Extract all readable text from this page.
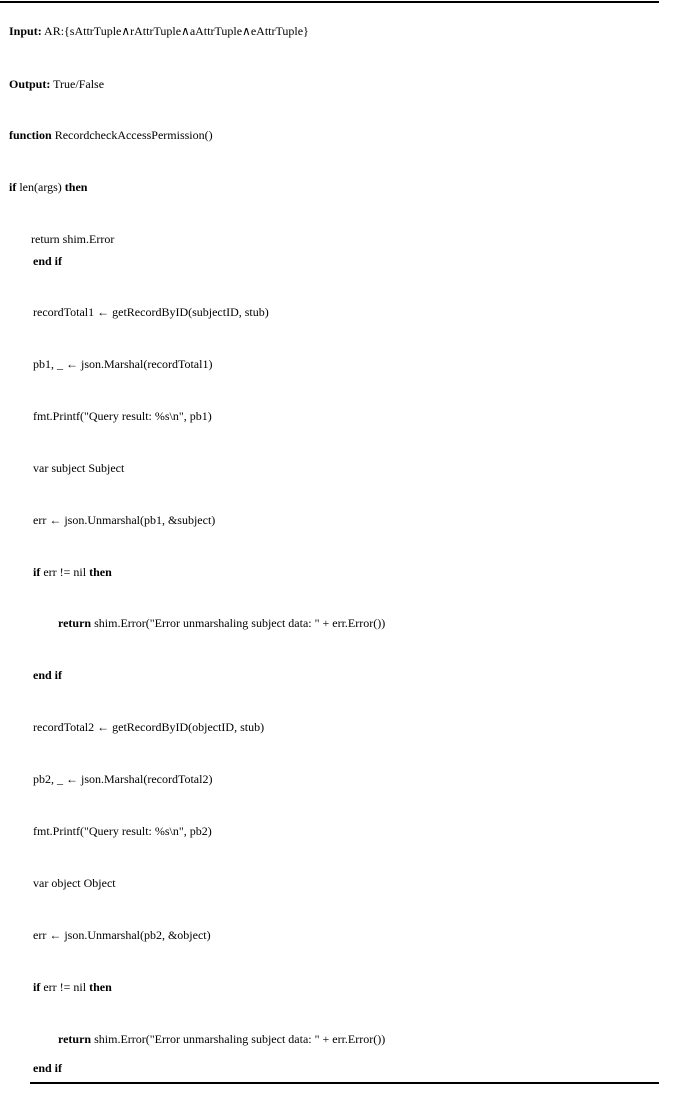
Input: AR:{sAttrTuple∧rAttrTuple∧aAttrTuple∧eAttrTuple}
Output: True/False
function RecordcheckAccessPermission()
if len(args) then
return shim.Error
end if
recordTotal1 ← getRecordByID(subjectID, stub)
pb1, _ ← json.Marshal(recordTotal1)
fmt.Printf("Query result: %s\n", pb1)
var subject Subject
err ← json.Unmarshal(pb1, &subject)
if err != nil then
return shim.Error("Error unmarshaling subject data: " + err.Error())
end if
recordTotal2 ← getRecordByID(objectID, stub)
pb2, _ ← json.Marshal(recordTotal2)
fmt.Printf("Query result: %s\n", pb2)
var object Object
err ← json.Unmarshal(pb2, &object)
if err != nil then
return shim.Error("Error unmarshaling subject data: " + err.Error())
end if
